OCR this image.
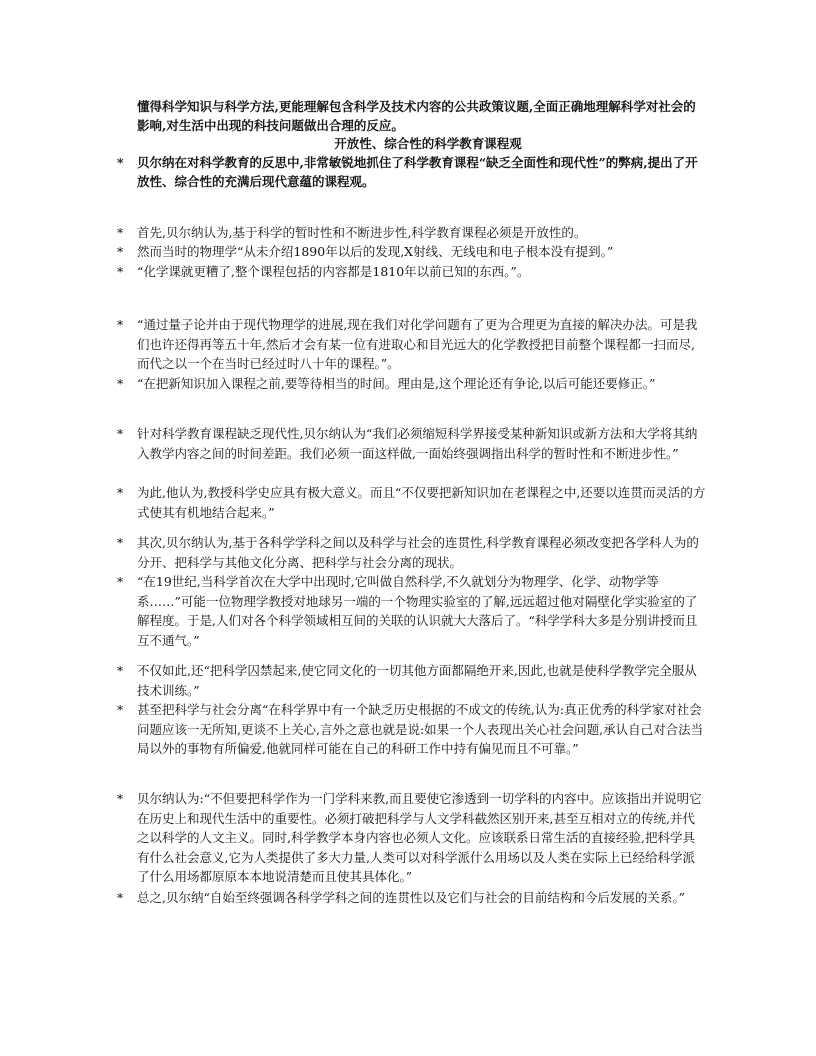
懂得科学知识与科学方法,更能理解包含科学及技术内容的公共政策议题,全面正确地理解科学对社会的影响,对生活中出现的科技问题做出合理的反应。
开放性、综合性的科学教育课程观
*	贝尔纳在对科学教育的反思中,非常敏锐地抓住了科学教育课程“缺乏全面性和现代性”的弊病,提出了开放性、综合性的充满后现代意蕴的课程观。
*	首先,贝尔纳认为,基于科学的暂时性和不断进步性,科学教育课程必须是开放性的。
*	然而当时的物理学“从未介绍1890年以后的发现,X射线、无线电和电子根本没有提到。”
*	“化学课就更糟了,整个课程包括的内容都是1810年以前已知的东西。”。
*	“通过量子论并由于现代物理学的进展,现在我们对化学问题有了更为合理更为直接的解决办法。可是我们也许还得再等五十年,然后才会有某一位有进取心和目光远大的化学教授把目前整个课程都一扫而尽,而代之以一个在当时已经过时八十年的课程。”。
*	“在把新知识加入课程之前,要等待相当的时间。理由是,这个理论还有争论,以后可能还要修正。”
*	针对科学教育课程缺乏现代性,贝尔纳认为“我们必须缩短科学界接受某种新知识或新方法和大学将其纳入教学内容之间的时间差距。我们必须一面这样做,一面始终强调指出科学的暂时性和不断进步性。”
*	为此,他认为,教授科学史应具有极大意义。而且“不仅要把新知识加在老课程之中,还要以连贯而灵活的方式使其有机地结合起来。”
*	其次,贝尔纳认为,基于各科学学科之间以及科学与社会的连贯性,科学教育课程必须改变把各学科人为的分开、把科学与其他文化分离、把科学与社会分离的现状。
*	“在19世纪,当科学首次在大学中出现时,它叫做自然科学,不久就划分为物理学、化学、动物学等系……”可能一位物理学教授对地球另一端的一个物理实验室的了解,远远超过他对隔壁化学实验室的了解程度。于是,人们对各个科学领域相互间的关联的认识就大大落后了。“科学学科大多是分别讲授而且互不通气。”
*	不仅如此,还“把科学囚禁起来,使它同文化的一切其他方面都隔绝开来,因此,也就是使科学教学完全服从技术训练。”
*	甚至把科学与社会分离“在科学界中有一个缺乏历史根据的不成文的传统,认为:真正优秀的科学家对社会问题应该一无所知,更谈不上关心,言外之意也就是说:如果一个人表现出关心社会问题,承认自己对合法当局以外的事物有所偏爱,他就同样可能在自己的科研工作中持有偏见而且不可靠。”
*	贝尔纳认为:“不但要把科学作为一门学科来教,而且要使它渗透到一切学科的内容中。应该指出并说明它在历史上和现代生活中的重要性。必须打破把科学与人文学科截然区别开来,甚至互相对立的传统,并代之以科学的人文主义。同时,科学教学本身内容也必须人文化。应该联系日常生活的直接经验,把科学具有什么社会意义,它为人类提供了多大力量,人类可以对科学派什么用场以及人类在实际上已经给科学派了什么用场都原原本本地说清楚而且使其具体化。”
*	总之,贝尔纳“自始至终强调各科学学科之间的连贯性以及它们与社会的目前结构和今后发展的关系。”
